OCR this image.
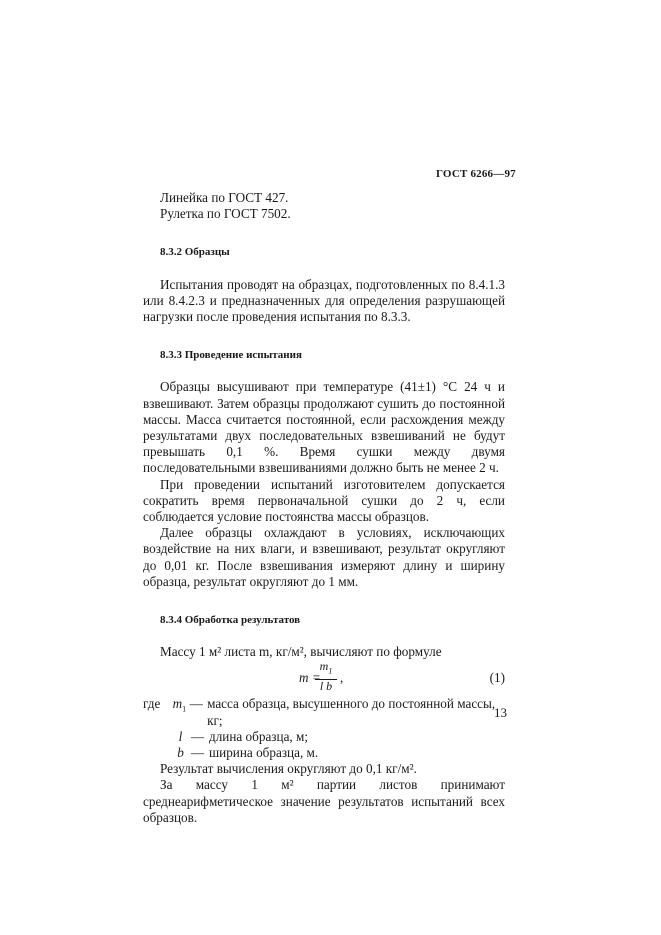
ГОСТ 6266—97

Линейка по ГОСТ 427.

Рулетка по ГОСТ 7502.

8.3.2 Образцы

Испытания проводят на образцах, подготовленных по 8.4.1.3 или 8.4.2.3 и предназначенных для определения разрушающей нагрузки после проведения испытания по 8.3.3.

8.3.3 Проведение испытания

Образцы высушивают при температуре (41±1) °С 24 ч и взвешивают. Затем образцы продолжают сушить до постоянной массы. Масса считается постоянной, если расхождения между результатами двух последовательных взвешиваний не будут превышать 0,1 %. Время сушки между двумя последовательными взвешиваниями должно быть не менее 2 ч.

При проведении испытаний изготовителем допускается сократить время первоначальной сушки до 2 ч, если соблюдается условие постоянства массы образцов.

Далее образцы охлаждают в условиях, исключающих воздействие на них влаги, и взвешивают, результат округляют до 0,01 кг. После взвешивания измеряют длину и ширину образца, результат округляют до 1 мм.

8.3.4 Обработка результатов

Массу 1 м² листа m, кг/м², вычисляют по формуле

m =
$\frac{m_1}{\text{l b}}$ ,	(1)
где $m_1$ — масса образца, высушенного до постоянной массы, кг;
l — длина образца, м;
b — ширина образца, м.

Результат вычисления округляют до 0,1 кг/м².

За массу 1 м² партии листов принимают среднеарифметическое значение результатов испытаний всех образцов.

13
